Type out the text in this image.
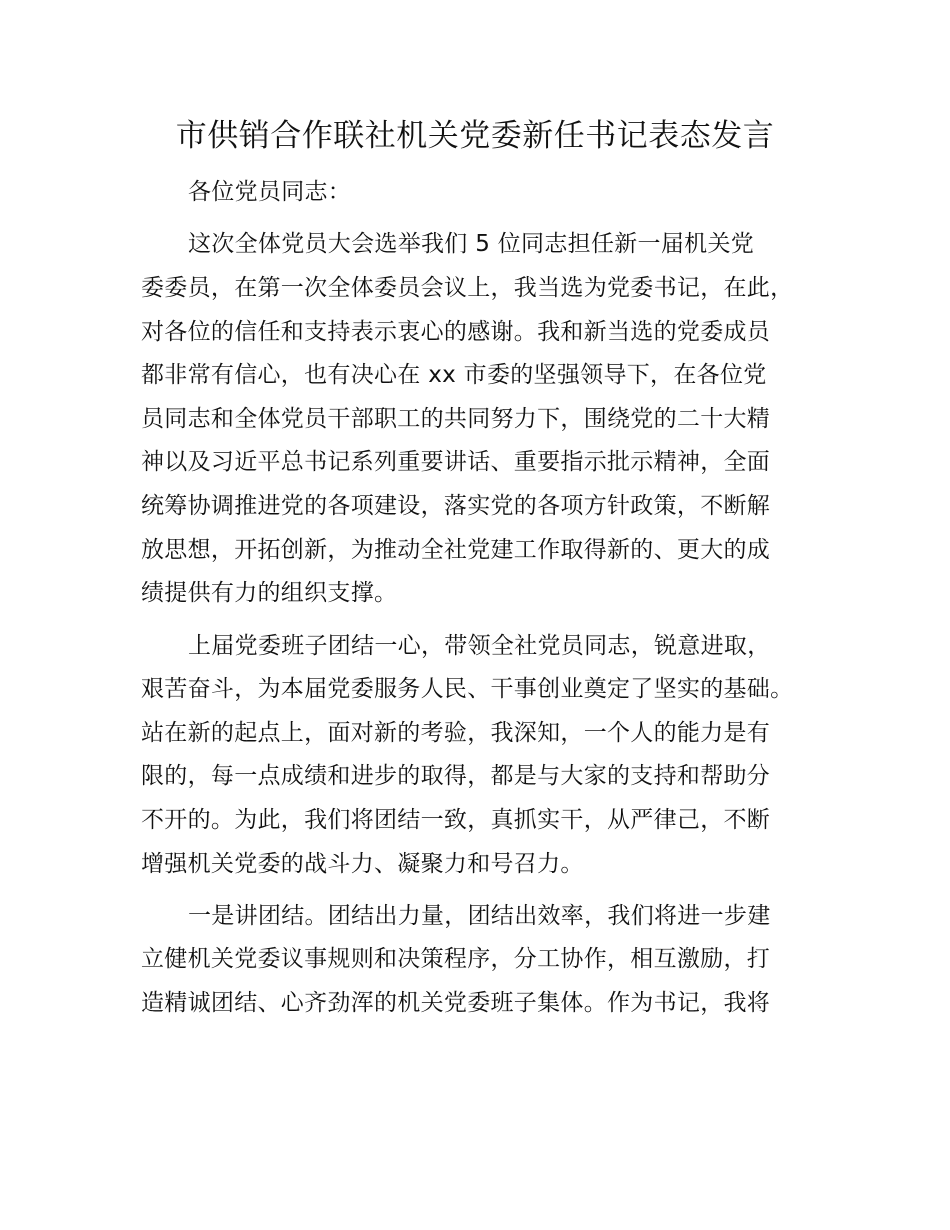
市供销合作联社机关党委新任书记表态发言
各位党员同志：
这次全体党员大会选举我们 5 位同志担任新一届机关党
委委员，在第一次全体委员会议上，我当选为党委书记，在此，
对各位的信任和支持表示衷心的感谢。我和新当选的党委成员
都非常有信心，也有决心在 xx 市委的坚强领导下，在各位党
员同志和全体党员干部职工的共同努力下，围绕党的二十大精
神以及习近平总书记系列重要讲话、重要指示批示精神，全面
统筹协调推进党的各项建设，落实党的各项方针政策，不断解
放思想，开拓创新，为推动全社党建工作取得新的、更大的成
绩提供有力的组织支撑。
上届党委班子团结一心，带领全社党员同志，锐意进取，
艰苦奋斗，为本届党委服务人民、干事创业奠定了坚实的基础。
站在新的起点上，面对新的考验，我深知，一个人的能力是有
限的，每一点成绩和进步的取得，都是与大家的支持和帮助分
不开的。为此，我们将团结一致，真抓实干，从严律己，不断
增强机关党委的战斗力、凝聚力和号召力。
一是讲团结。团结出力量，团结出效率，我们将进一步建
立健机关党委议事规则和决策程序，分工协作，相互激励，打
造精诚团结、心齐劲浑的机关党委班子集体。作为书记，我将
